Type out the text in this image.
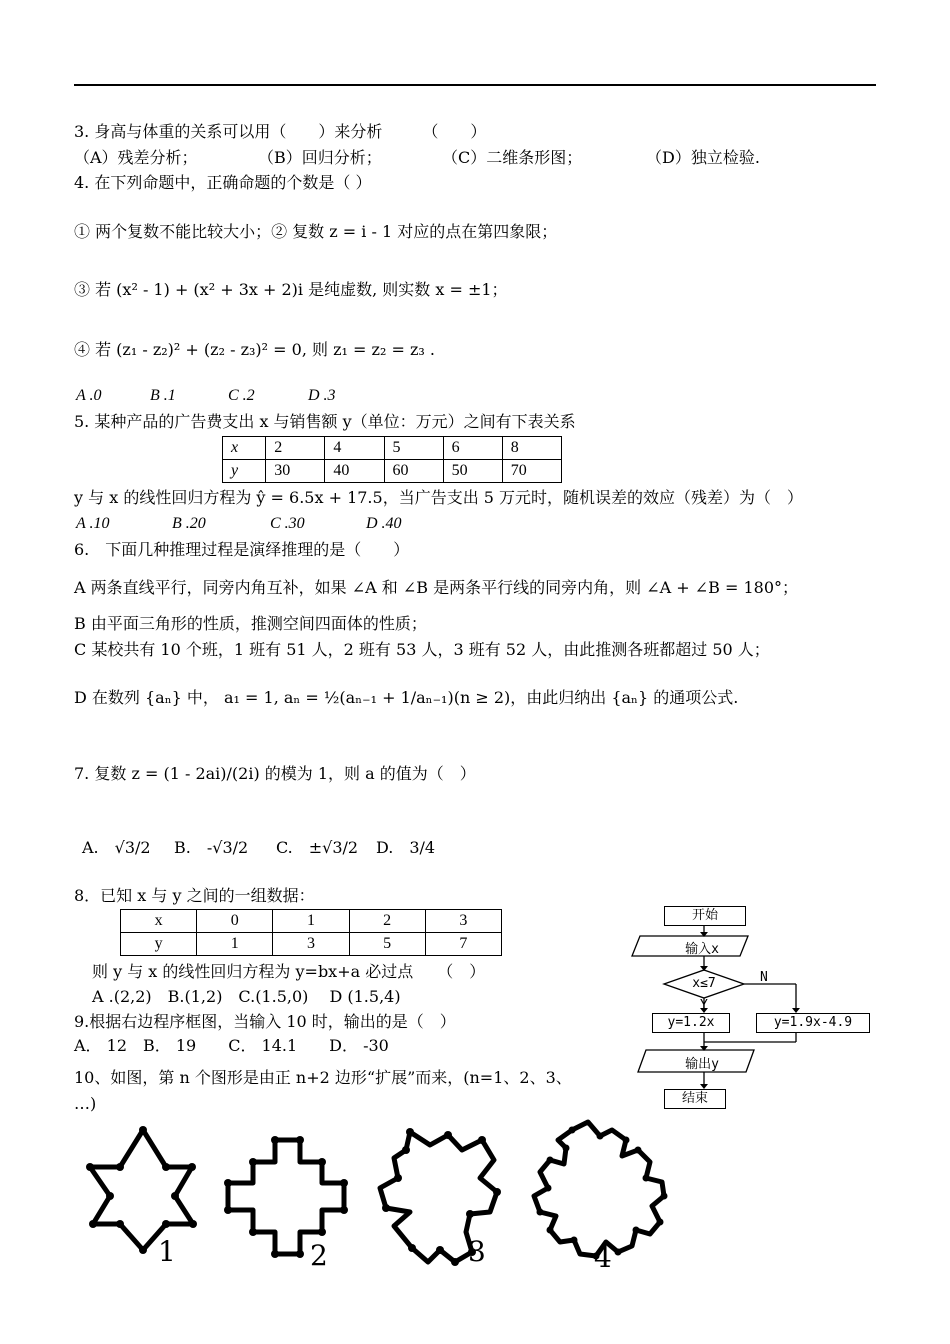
3. 身高与体重的关系可以用（　　）来分析　　　（　　）
（A）残差分析；	（B）回归分析；	（C）二维条形图；	（D）独立检验.
4. 在下列命题中，正确命题的个数是（ ）
① 两个复数不能比较大小；② 复数 z = i - 1 对应的点在第四象限；
③ 若 (x² - 1) + (x² + 3x + 2)i 是纯虚数, 则实数 x = ±1；
④ 若 (z₁ - z₂)² + (z₂ - z₃)² = 0, 则 z₁ = z₂ = z₃ .
A .0	B .1	C .2	D .3
5. 某种产品的广告费支出 x 与销售额 y（单位：万元）之间有下表关系
x	2	4	5	6	8
y	30	40	60	50	70
y 与 x 的线性回归方程为 ŷ = 6.5x + 17.5，当广告支出 5 万元时，随机误差的效应（残差）为（　）
A .10	B .20	C .30	D .40
6.　下面几种推理过程是演绎推理的是（　　）
A 两条直线平行，同旁内角互补，如果 ∠A 和 ∠B 是两条平行线的同旁内角，则 ∠A + ∠B = 180°；
B 由平面三角形的性质，推测空间四面体的性质；
C 某校共有 10 个班，1 班有 51 人，2 班有 53 人，3 班有 52 人，由此推测各班都超过 50 人；
D 在数列 {aₙ} 中， a₁ = 1, aₙ = ½(aₙ₋₁ + 1/aₙ₋₁)(n ≥ 2)，由此归纳出 {aₙ} 的通项公式.
7. 复数 z = (1 - 2ai)/(2i) 的模为 1，则 a 的值为（　）
A.　√3/2 B.　-√3/2 C.　±√3/2 D.　3/4
8．已知 x 与 y 之间的一组数据：
x	0	1	2	3
y	1	3	5	7
则 y 与 x 的线性回归方程为 y=bx+a 必过点　　（　）
A .(2,2)　B.(1,2)　C.(1.5,0)　 D (1.5,4)
9.根据右边程序框图，当输入 10 时，输出的是（　）
A． 12　B． 19　　C． 14.1　　D． -30
10、如图，第 n 个图形是由正 n+2 边形“扩展”而来，(n=1、2、3、
…)
开始
输入x
x≤7	N
Y
y=1.2x	y=1.9x-4.9
输出y
结束
1	2	3	4
